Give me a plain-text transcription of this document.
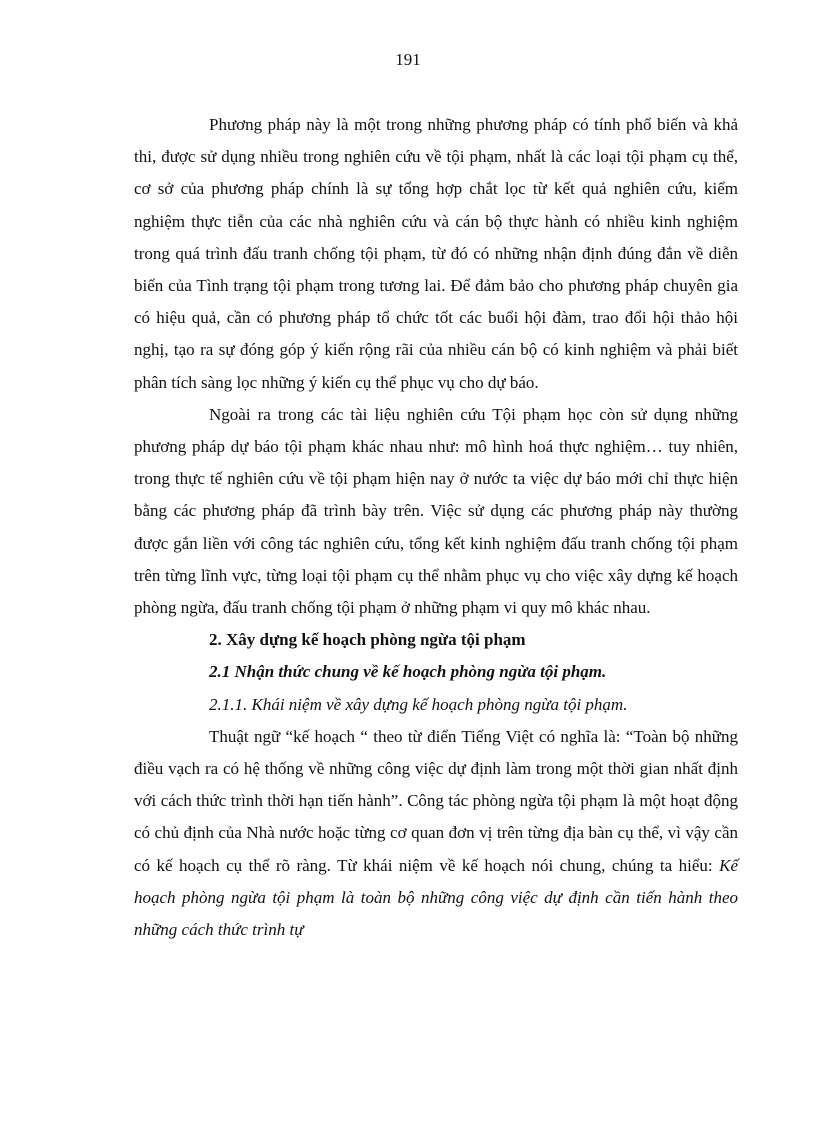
191

Phương pháp này là một trong những phương pháp có tính phổ biến và khả thi, được sử dụng nhiều trong nghiên cứu về tội phạm, nhất là các loại tội phạm cụ thể, cơ sở của phương pháp chính là sự tổng hợp chắt lọc từ kết quả nghiên cứu, kiểm nghiệm thực tiễn của các nhà nghiên cứu và cán bộ thực hành có nhiều kinh nghiệm trong quá trình đấu tranh chống tội phạm, từ đó có những nhận định đúng đắn về diễn biến của Tình trạng tội phạm trong tương lai. Để đảm bảo cho phương pháp chuyên gia có hiệu quả, cần có phương pháp tổ chức tốt các buổi hội đàm, trao đổi hội thảo hội nghị, tạo ra sự đóng góp ý kiến rộng rãi của nhiều cán bộ có kinh nghiệm và phải biết phân tích sàng lọc những ý kiến cụ thể phục vụ cho dự báo.

Ngoài ra trong các tài liệu nghiên cứu Tội phạm học còn sử dụng những phương pháp dự báo tội phạm khác nhau như: mô hình hoá thực nghiệm… tuy nhiên, trong thực tế nghiên cứu về tội phạm hiện nay ở nước ta việc dự báo mới chỉ thực hiện bằng các phương pháp đã trình bày trên. Việc sử dụng các phương pháp này thường được gắn liền với công tác nghiên cứu, tổng kết kinh nghiệm đấu tranh chống tội phạm trên từng lĩnh vực, từng loại tội phạm cụ thể nhằm phục vụ cho việc xây dựng kế hoạch phòng ngừa, đấu tranh chống tội phạm ở những phạm vi quy mô khác nhau.

2. Xây dựng kế hoạch phòng ngừa tội phạm

2.1 Nhận thức chung về kế hoạch phòng ngừa tội phạm.

2.1.1. Khái niệm về xây dựng kế hoạch phòng ngừa tội phạm.

Thuật ngữ “kế hoạch “ theo từ điển Tiếng Việt có nghĩa là: “Toàn bộ những điều vạch ra có hệ thống về những công việc dự định làm trong một thời gian nhất định với cách thức trình thời hạn tiến hành”. Công tác phòng ngừa tội phạm là một hoạt động có chủ định của Nhà nước hoặc từng cơ quan đơn vị trên từng địa bàn cụ thể, vì vậy cần có kế hoạch cụ thể rõ ràng. Từ khái niệm về kế hoạch nói chung, chúng ta hiểu: Kế hoạch phòng ngừa tội phạm là toàn bộ những công việc dự định cần tiến hành theo những cách thức trình tự
